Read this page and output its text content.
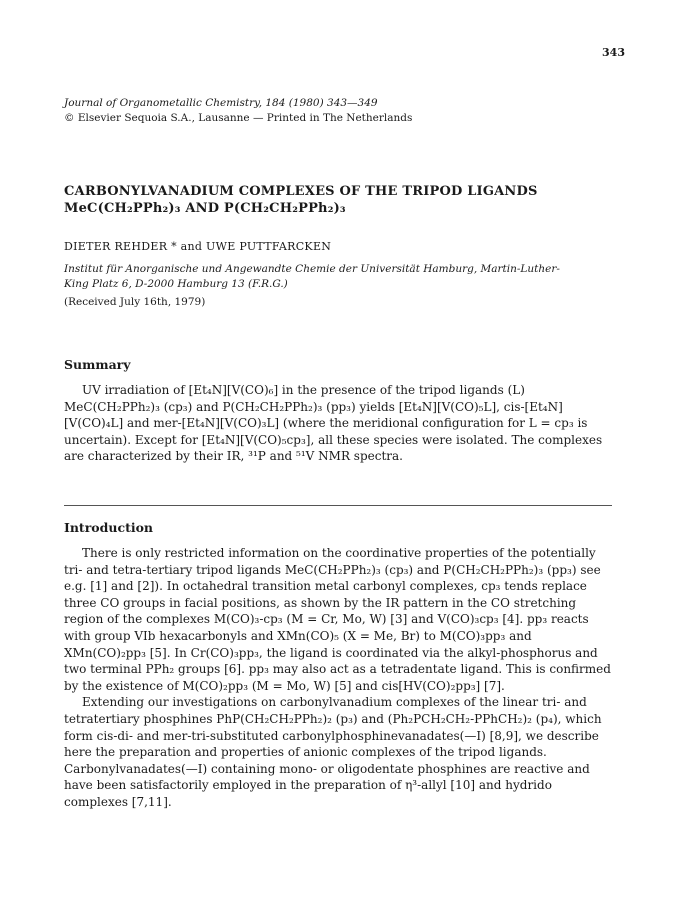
343
Journal of Organometallic Chemistry, 184 (1980) 343—349
© Elsevier Sequoia S.A., Lausanne — Printed in The Netherlands
CARBONYLVANADIUM COMPLEXES OF THE TRIPOD LIGANDS
MeC(CH₂PPh₂)₃ AND P(CH₂CH₂PPh₂)₃
DIETER REHDER * and UWE PUTTFARCKEN
Institut für Anorganische und Angewandte Chemie der Universität Hamburg, Martin-Luther-
King Platz 6, D-2000 Hamburg 13 (F.R.G.)
(Received July 16th, 1979)
Summary

UV irradiation of [Et₄N][V(CO)₆] in the presence of the tripod ligands (L) MeC(CH₂PPh₂)₃ (cp₃) and P(CH₂CH₂PPh₂)₃ (pp₃) yields [Et₄N][V(CO)₅L], cis-[Et₄N][V(CO)₄L] and mer-[Et₄N][V(CO)₃L] (where the meridional configuration for L = cp₃ is uncertain). Except for [Et₄N][V(CO)₅cp₃], all these species were isolated. The complexes are characterized by their IR, ³¹P and ⁵¹V NMR spectra.

Introduction

There is only restricted information on the coordinative properties of the potentially tri- and tetra-tertiary tripod ligands MeC(CH₂PPh₂)₃ (cp₃) and P(CH₂CH₂PPh₂)₃ (pp₃) see e.g. [1] and [2]). In octahedral transition metal carbonyl complexes, cp₃ tends replace three CO groups in facial positions, as shown by the IR pattern in the CO stretching region of the complexes M(CO)₃-cp₃ (M = Cr, Mo, W) [3] and V(CO)₃cp₃ [4]. pp₃ reacts with group VIb hexacarbonyls and XMn(CO)₅ (X = Me, Br) to M(CO)₃pp₃ and XMn(CO)₂pp₃ [5]. In Cr(CO)₃pp₃, the ligand is coordinated via the alkyl-phosphorus and two terminal PPh₂ groups [6]. pp₃ may also act as a tetradentate ligand. This is confirmed by the existence of M(CO)₂pp₃ (M = Mo, W) [5] and cis[HV(CO)₂pp₃] [7].

Extending our investigations on carbonylvanadium complexes of the linear tri- and tetratertiary phosphines PhP(CH₂CH₂PPh₂)₂ (p₃) and (Ph₂PCH₂CH₂-PPhCH₂)₂ (p₄), which form cis-di- and mer-tri-substituted carbonylphosphinevanadates(—I) [8,9], we describe here the preparation and properties of anionic complexes of the tripod ligands. Carbonylvanadates(—I) containing mono- or oligodentate phosphines are reactive and have been satisfactorily employed in the preparation of η³-allyl [10] and hydrido complexes [7,11].
